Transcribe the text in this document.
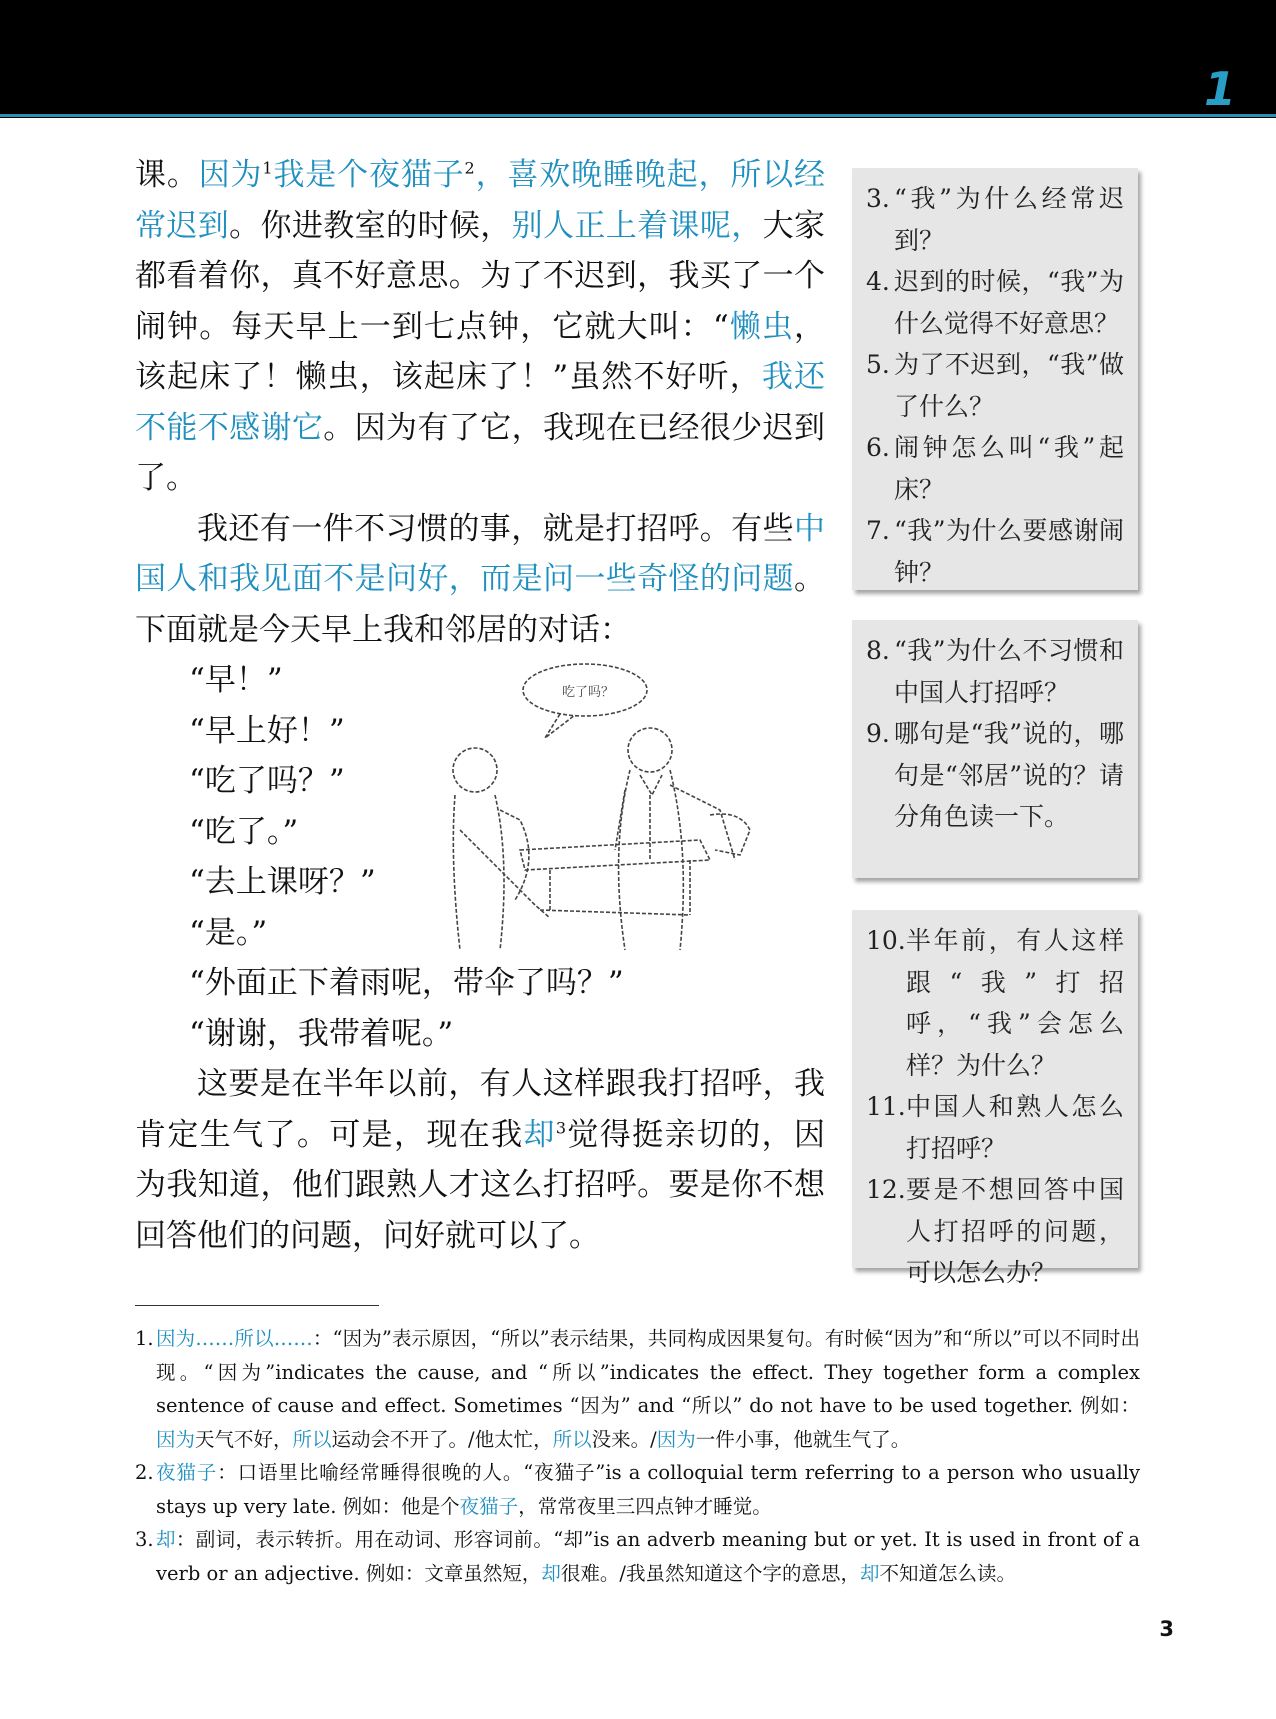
1

课。因为$^1$我是个夜猫子$^2$，喜欢晚睡晚起，所以经常迟到。你进教室的时候，别人正上着课呢，大家都看着你，真不好意思。为了不迟到，我买了一个闹钟。每天早上一到七点钟，它就大叫：“懒虫，该起床了！懒虫，该起床了！”虽然不好听，我还不能不感谢它。因为有了它，我现在已经很少迟到了。

我还有一件不习惯的事，就是打招呼。有些中国人和我见面不是问好，而是问一些奇怪的问题。下面就是今天早上我和邻居的对话：

“早！”
“早上好！”
“吃了吗？”
“吃了。”
“去上课呀？”
“是。”
“外面正下着雨呢，带伞了吗？”
“谢谢，我带着呢。”

这要是在半年以前，有人这样跟我打招呼，我肯定生气了。可是，现在我却$^3$觉得挺亲切的，因为我知道，他们跟熟人才这么打招呼。要是你不想回答他们的问题，问好就可以了。

吃了吗？
3. “我”为什么经常迟到？
4. 迟到的时候，“我”为什么觉得不好意思？
5. 为了不迟到，“我”做了什么？
6. 闹钟怎么叫“我”起床？
7. “我”为什么要感谢闹钟？
8. “我”为什么不习惯和中国人打招呼？
9. 哪句是“我”说的，哪句是“邻居”说的？请分角色读一下。
10. 半年前，有人这样跟“我”打招呼，“我”会怎么样？为什么？
11. 中国人和熟人怎么打招呼？
12. 要是不想回答中国人打招呼的问题，可以怎么办？
1. 因为……所以……：“因为”表示原因，“所以”表示结果，共同构成因果复句。有时候“因为”和“所以”可以不同时出现。“因为”indicates the cause, and “所以”indicates the effect. They together form a complex sentence of cause and effect. Sometimes “因为” and “所以” do not have to be used together. 例如：因为天气不好，所以运动会不开了。/他太忙，所以没来。/因为一件小事，他就生气了。
2. 夜猫子：口语里比喻经常睡得很晚的人。“夜猫子”is a colloquial term referring to a person who usually stays up very late. 例如：他是个夜猫子，常常夜里三四点钟才睡觉。
3. 却：副词，表示转折。用在动词、形容词前。“却”is an adverb meaning but or yet. It is used in front of a verb or an adjective. 例如：文章虽然短，却很难。/我虽然知道这个字的意思，却不知道怎么读。
3
